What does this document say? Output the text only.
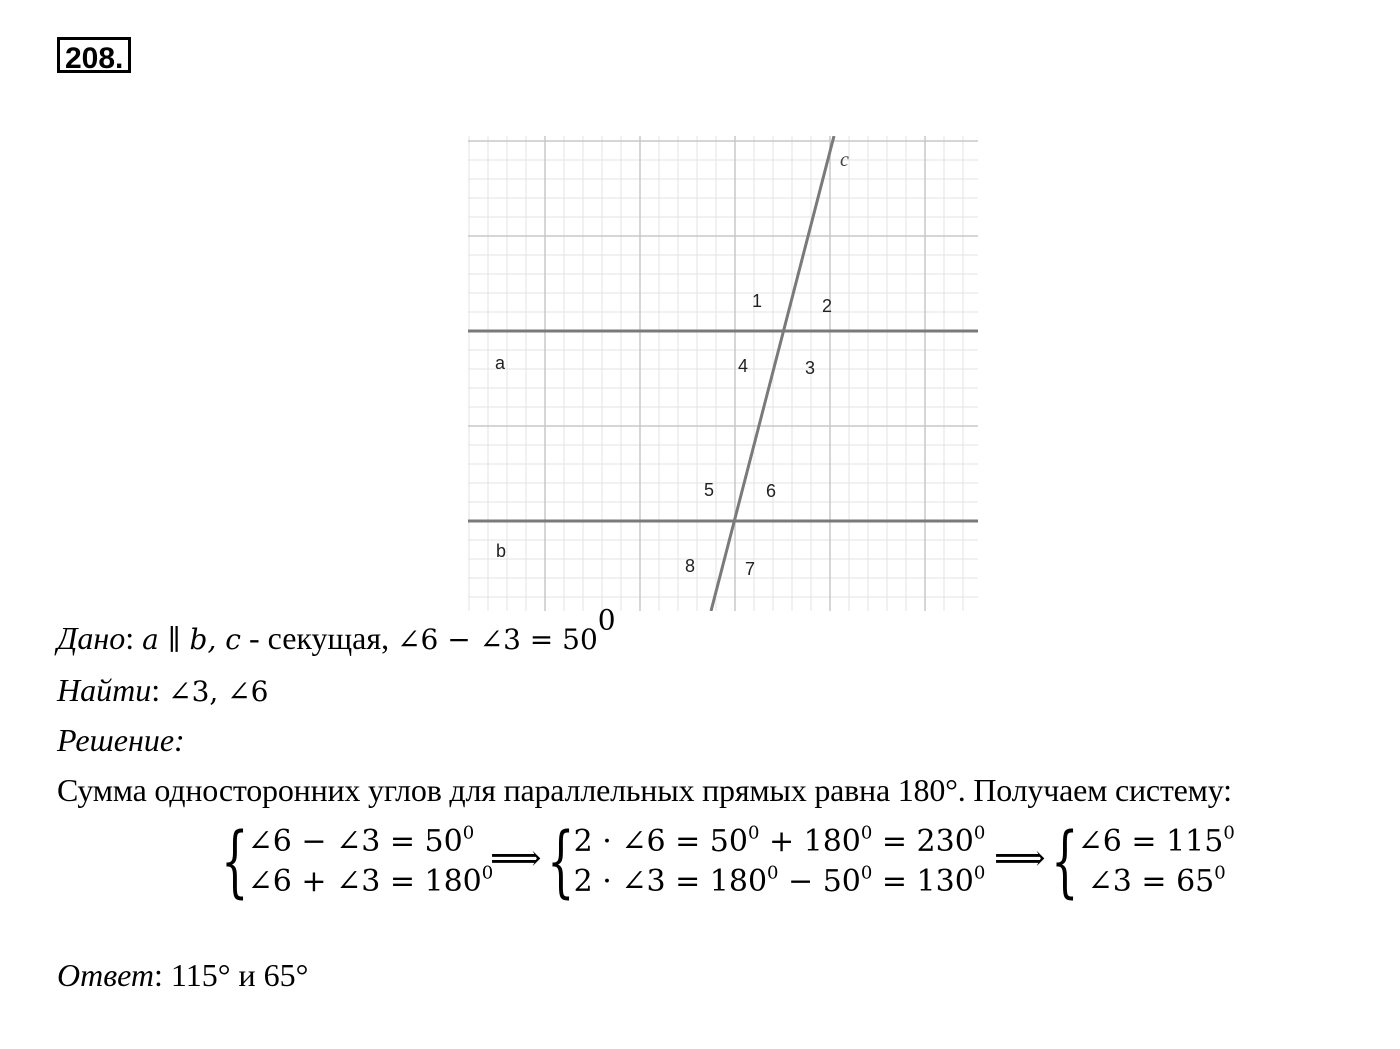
208.
c
a
b
1	2
3
4
5	6
7
8
Дано: a ∥ b, c - секущая, ∠6 − ∠3 = $50^0$
Найти: ∠3, ∠6
Решение:
Сумма односторонних углов для параллельных прямых равна 180°. Получаем систему:
{ ∠6 − ∠3 = $50^0$
∠6 + ∠3 = $180^0$
⟹ { 2 · ∠6 = $50^0 + 180^0 = 230^0$
2 · ∠3 = $180^0 - 50^0 = 130^0$ ⟹ { ∠6 = $115^0$
∠3 = $65^0$
Ответ: 115° и 65°
